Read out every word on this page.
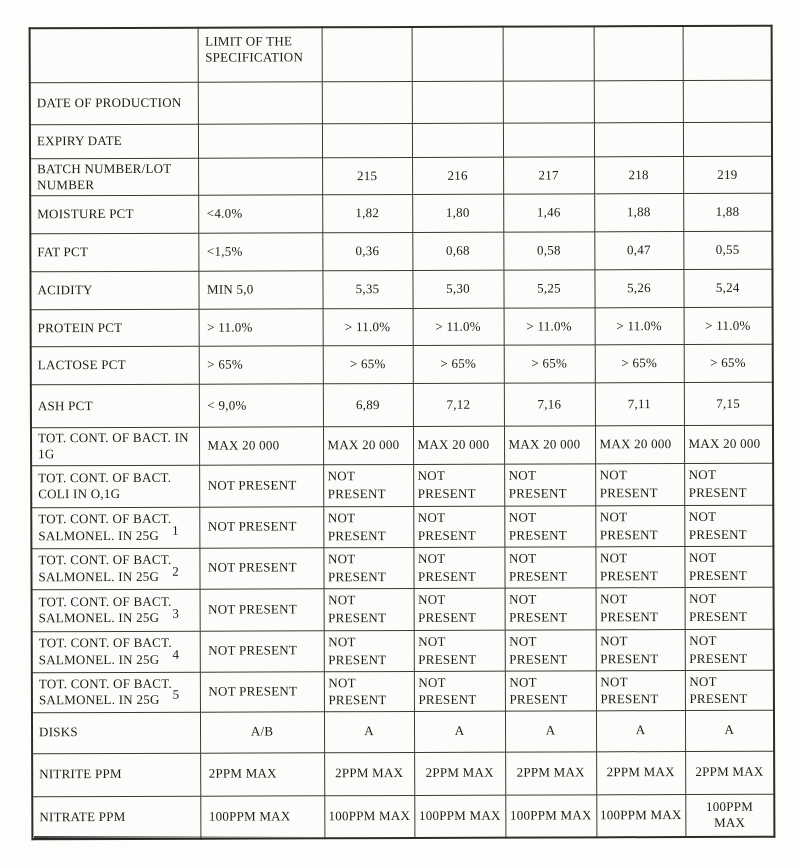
	LIMIT OF THE SPECIFICATION					
DATE OF PRODUCTION						
EXPIRY DATE						
BATCH NUMBER/LOT NUMBER		215	216	217	218	219
MOISTURE PCT	<4.0%	1,82	1,80	1,46	1,88	1,88
FAT PCT	<1,5%	0,36	0,68	0,58	0,47	0,55
ACIDITY	MIN 5,0	5,35	5,30	5,25	5,26	5,24
PROTEIN PCT	> 11.0%	> 11.0%	> 11.0%	> 11.0%	> 11.0%	> 11.0%
LACTOSE PCT	> 65%	> 65%	> 65%	> 65%	> 65%	> 65%
ASH PCT	< 9,0%	6,89	7,12	7,16	7,11	7,15
TOT. CONT. OF BACT. IN 1G	MAX 20 000	MAX 20 000	MAX 20 000	MAX 20 000	MAX 20 000	MAX 20 000
TOT. CONT. OF BACT. COLI IN O,1G	NOT PRESENT	NOT PRESENT	NOT PRESENT	NOT PRESENT	NOT PRESENT	NOT PRESENT
TOT. CONT. OF BACT. SALMONEL. IN 25G 1	NOT PRESENT	NOT PRESENT	NOT PRESENT	NOT PRESENT	NOT PRESENT	NOT PRESENT
TOT. CONT. OF BACT. SALMONEL. IN 25G 2	NOT PRESENT	NOT PRESENT	NOT PRESENT	NOT PRESENT	NOT PRESENT	NOT PRESENT
TOT. CONT. OF BACT. SALMONEL. IN 25G 3	NOT PRESENT	NOT PRESENT	NOT PRESENT	NOT PRESENT	NOT PRESENT	NOT PRESENT
TOT. CONT. OF BACT. SALMONEL. IN 25G 4	NOT PRESENT	NOT PRESENT	NOT PRESENT	NOT PRESENT	NOT PRESENT	NOT PRESENT
TOT. CONT. OF BACT. SALMONEL. IN 25G 5	NOT PRESENT	NOT PRESENT	NOT PRESENT	NOT PRESENT	NOT PRESENT	NOT PRESENT
DISKS	A/B	A	A	A	A	A
NITRITE PPM	2PPM MAX	2PPM MAX	2PPM MAX	2PPM MAX	2PPM MAX	2PPM MAX
NITRATE PPM	100PPM MAX	100PPM MAX	100PPM MAX	100PPM MAX	100PPM MAX	100PPM MAX
